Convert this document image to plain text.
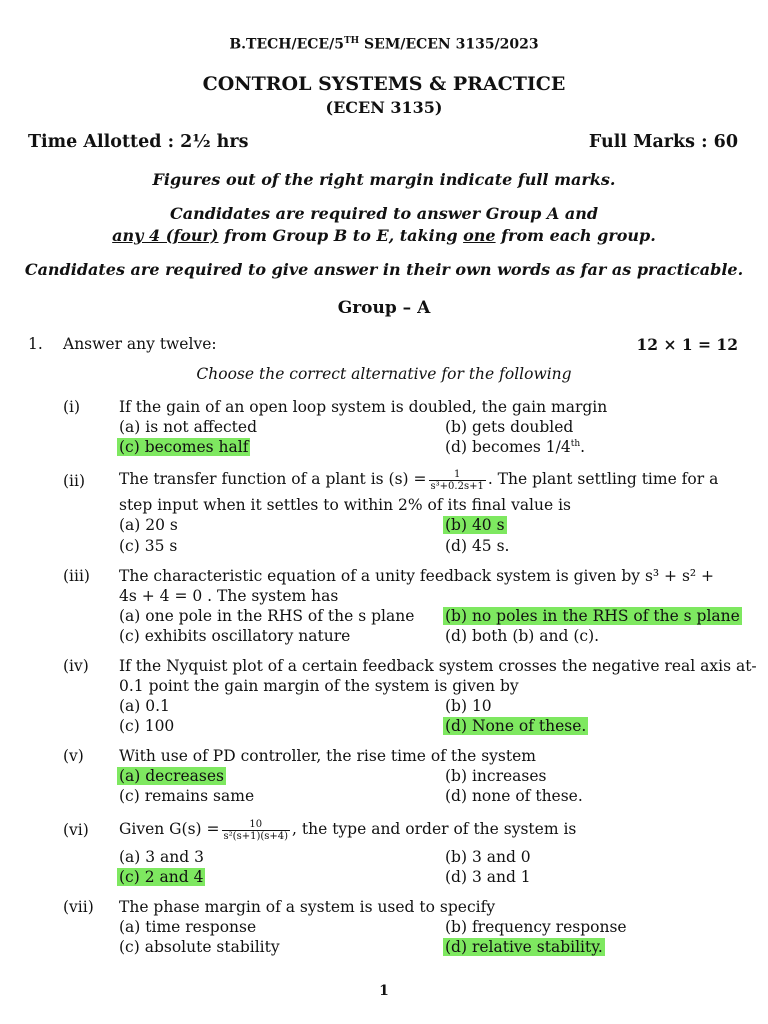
B.TECH/ECE/5TH SEM/ECEN 3135/2023
CONTROL SYSTEMS & PRACTICE
(ECEN 3135)
Time Allotted : 2½ hrs	Full Marks : 60
Figures out of the right margin indicate full marks.
Candidates are required to answer Group A and
any 4 (four) from Group B to E, taking one from each group.
Candidates are required to give answer in their own words as far as practicable.
Group – A
1. Answer any twelve:	12 × 1 = 12
Choose the correct alternative for the following
(i)	If the gain of an open loop system is doubled, the gain margin
(a) is not affected	(b) gets doubled
(c) becomes half	(d) becomes 1/4th.
(ii) The transfer function of a plant is $(s) = \frac{1}{\text{s³+0.2s+1}}$ . The plant settling time for a
step input when it settles to within 2% of its final value is
(a) 20 s	(b) 40 s
(c) 35 s	(d) 45 s.
(iii) The characteristic equation of a unity feedback system is given by s³ + s² +
4s + 4 = 0 . The system has
(a) one pole in the RHS of the s plane (b) no poles in the RHS of the s plane
(c) exhibits oscillatory nature	(d) both (b) and (c).
(iv) If the Nyquist plot of a certain feedback system crosses the negative real axis at-
0.1 point the gain margin of the system is given by
(a) 0.1	(b) 10
(c) 100	(d) None of these.
(v) With use of PD controller, the rise time of the system
(a) decreases	(b) increases
(c) remains same	(d) none of these.
(vi) Given $G(s) = \frac{10}{\text{s²(s+1)(s+4)}}$ , the type and order of the system is
(a) 3 and 3	(b) 3 and 0
(c) 2 and 4	(d) 3 and 1
(vii) The phase margin of a system is used to specify
(a) time response	(b) frequency response
(c) absolute stability	(d) relative stability.
1
